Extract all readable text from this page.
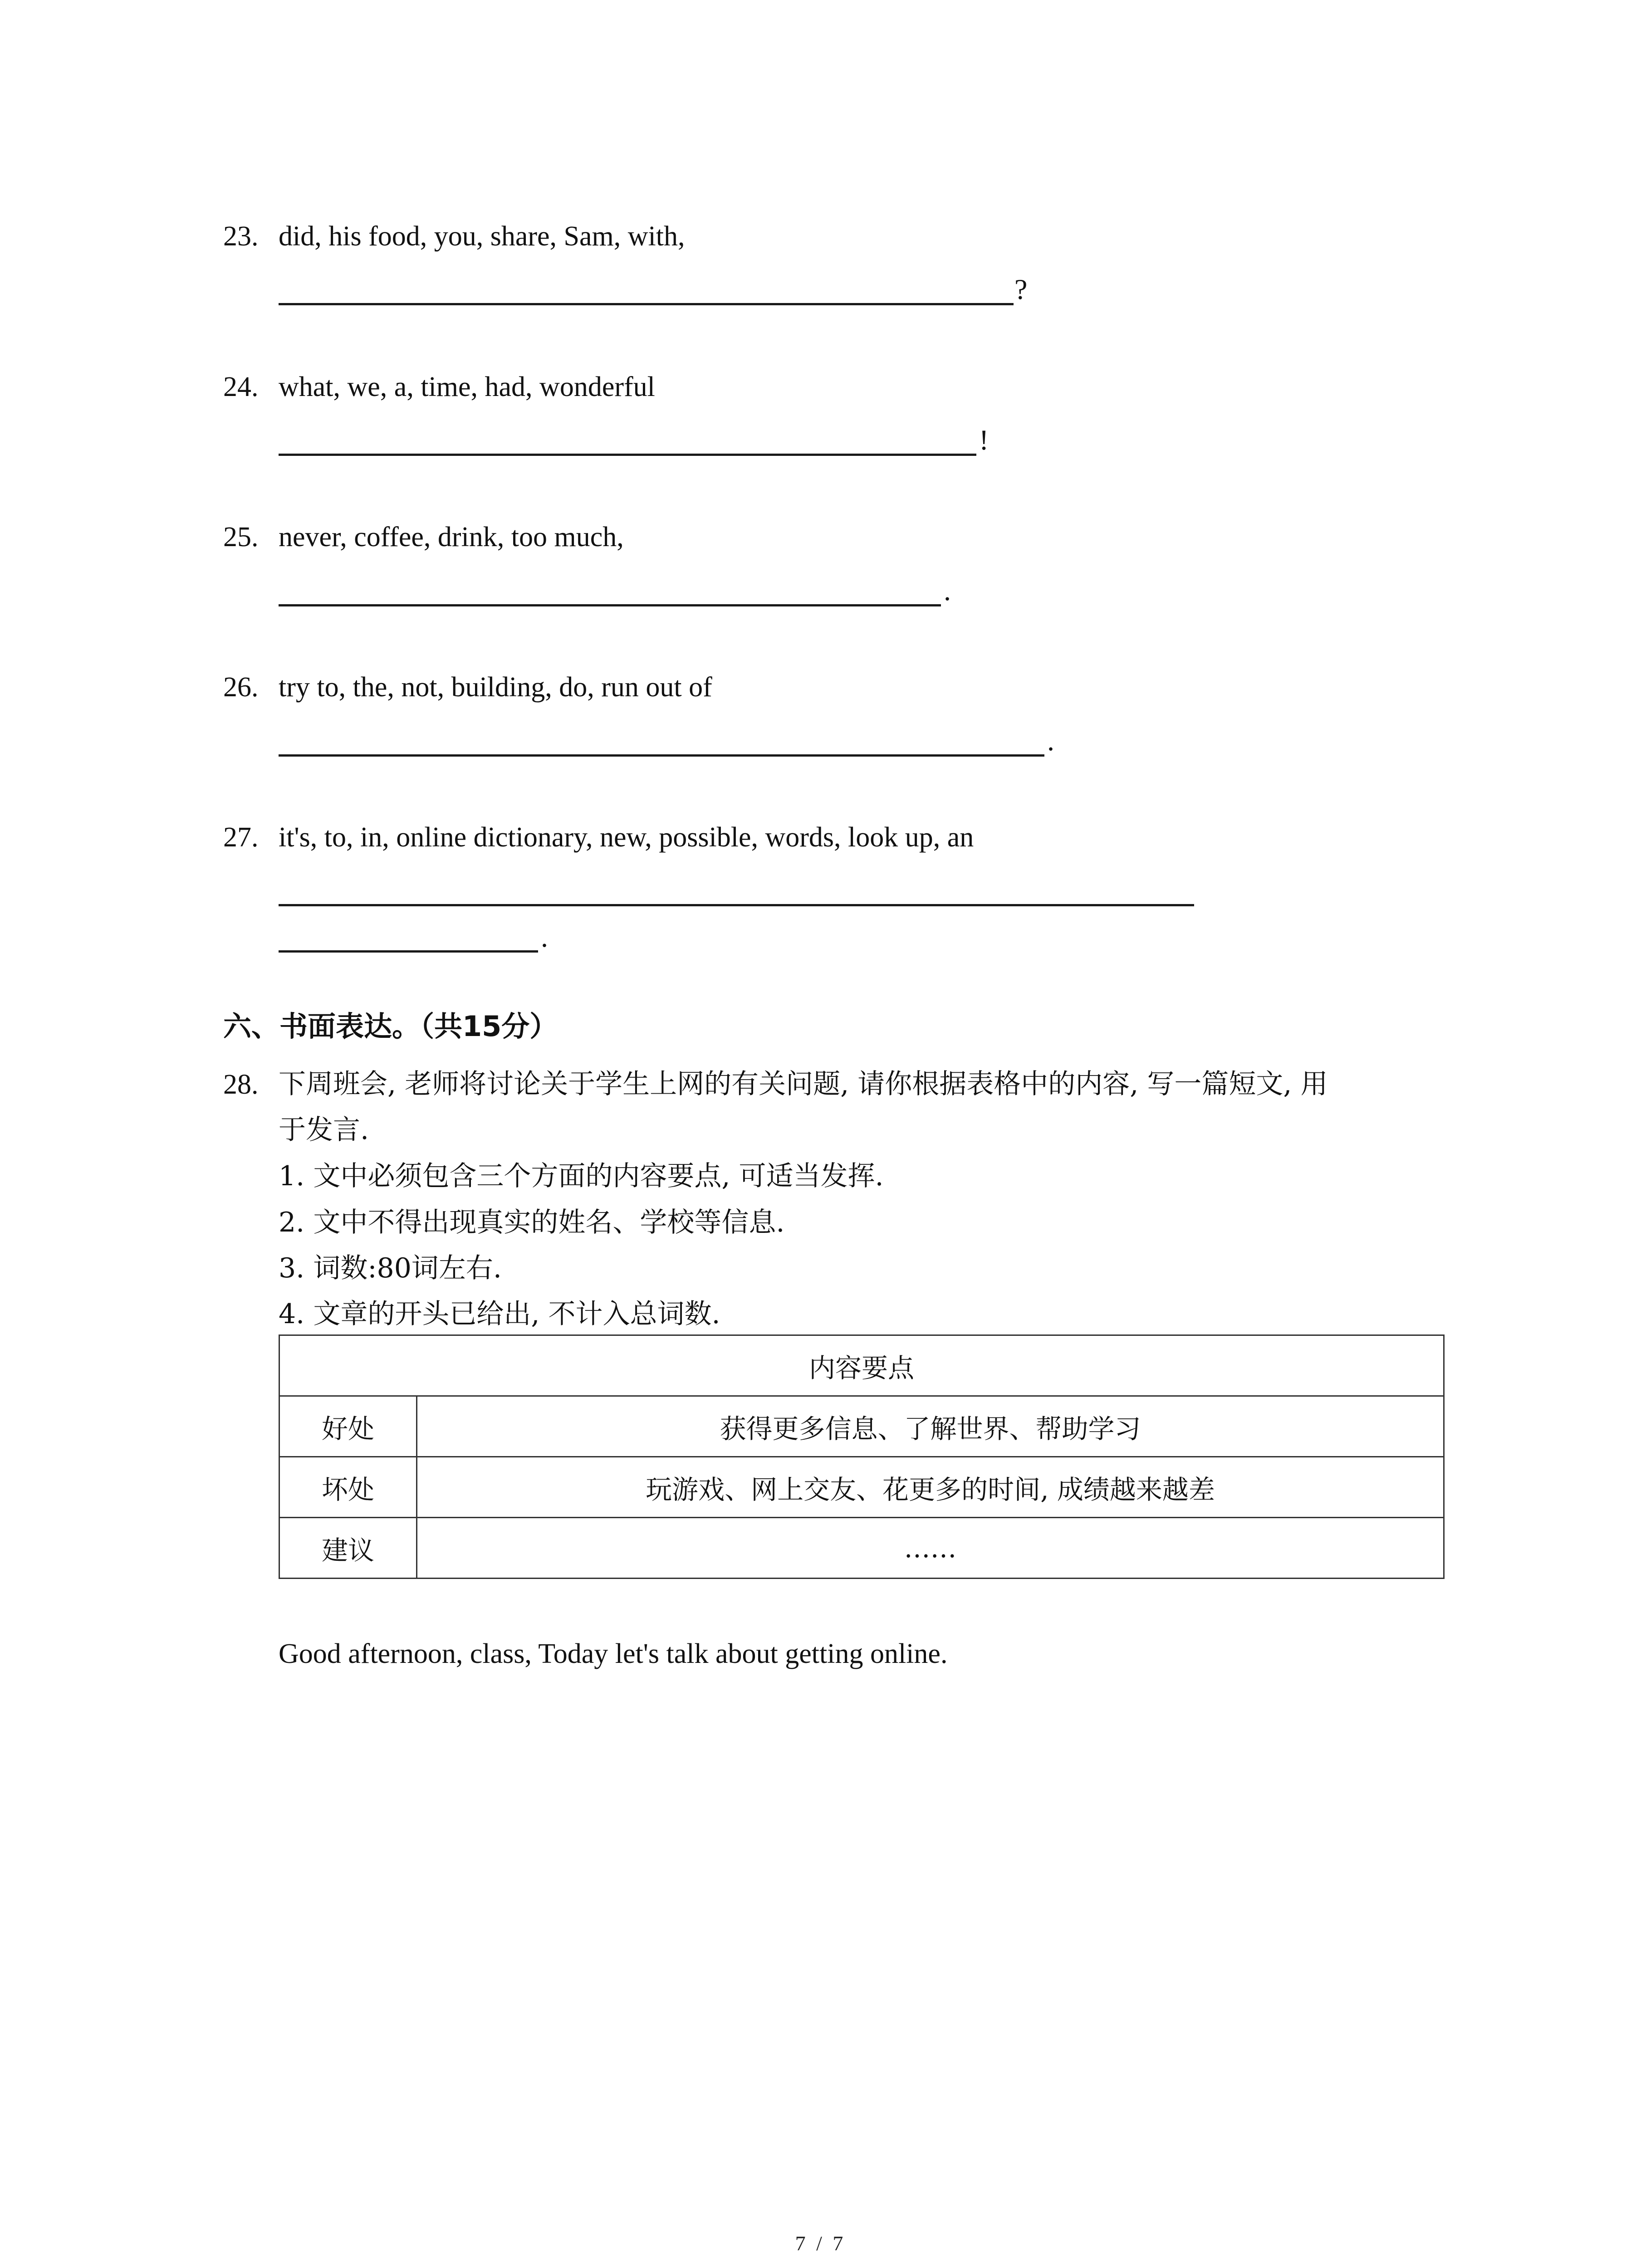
23. did, his food, you, share, Sam, with,
?
24. what, we, a, time, had, wonderful
!
25. never, coffee, drink, too much,
.
26. try to, the, not, building, do, run out of
.
27. it's, to, in, online dictionary, new, possible, words, look up, an
.
六、书面表达。（共15分）
28. 下周班会, 老师将讨论关于学生上网的有关问题, 请你根据表格中的内容, 写一篇短文, 用
于发言.
1. 文中必须包含三个方面的内容要点, 可适当发挥.
2. 文中不得出现真实的姓名、学校等信息.
3. 词数:80词左右.
4. 文章的开头已给出, 不计入总词数.
内容要点	
好处	获得更多信息、了解世界、帮助学习
坏处	玩游戏、网上交友、花更多的时间, 成绩越来越差
建议	……
Good afternoon, class, Today let's talk about getting online.
7 / 7
